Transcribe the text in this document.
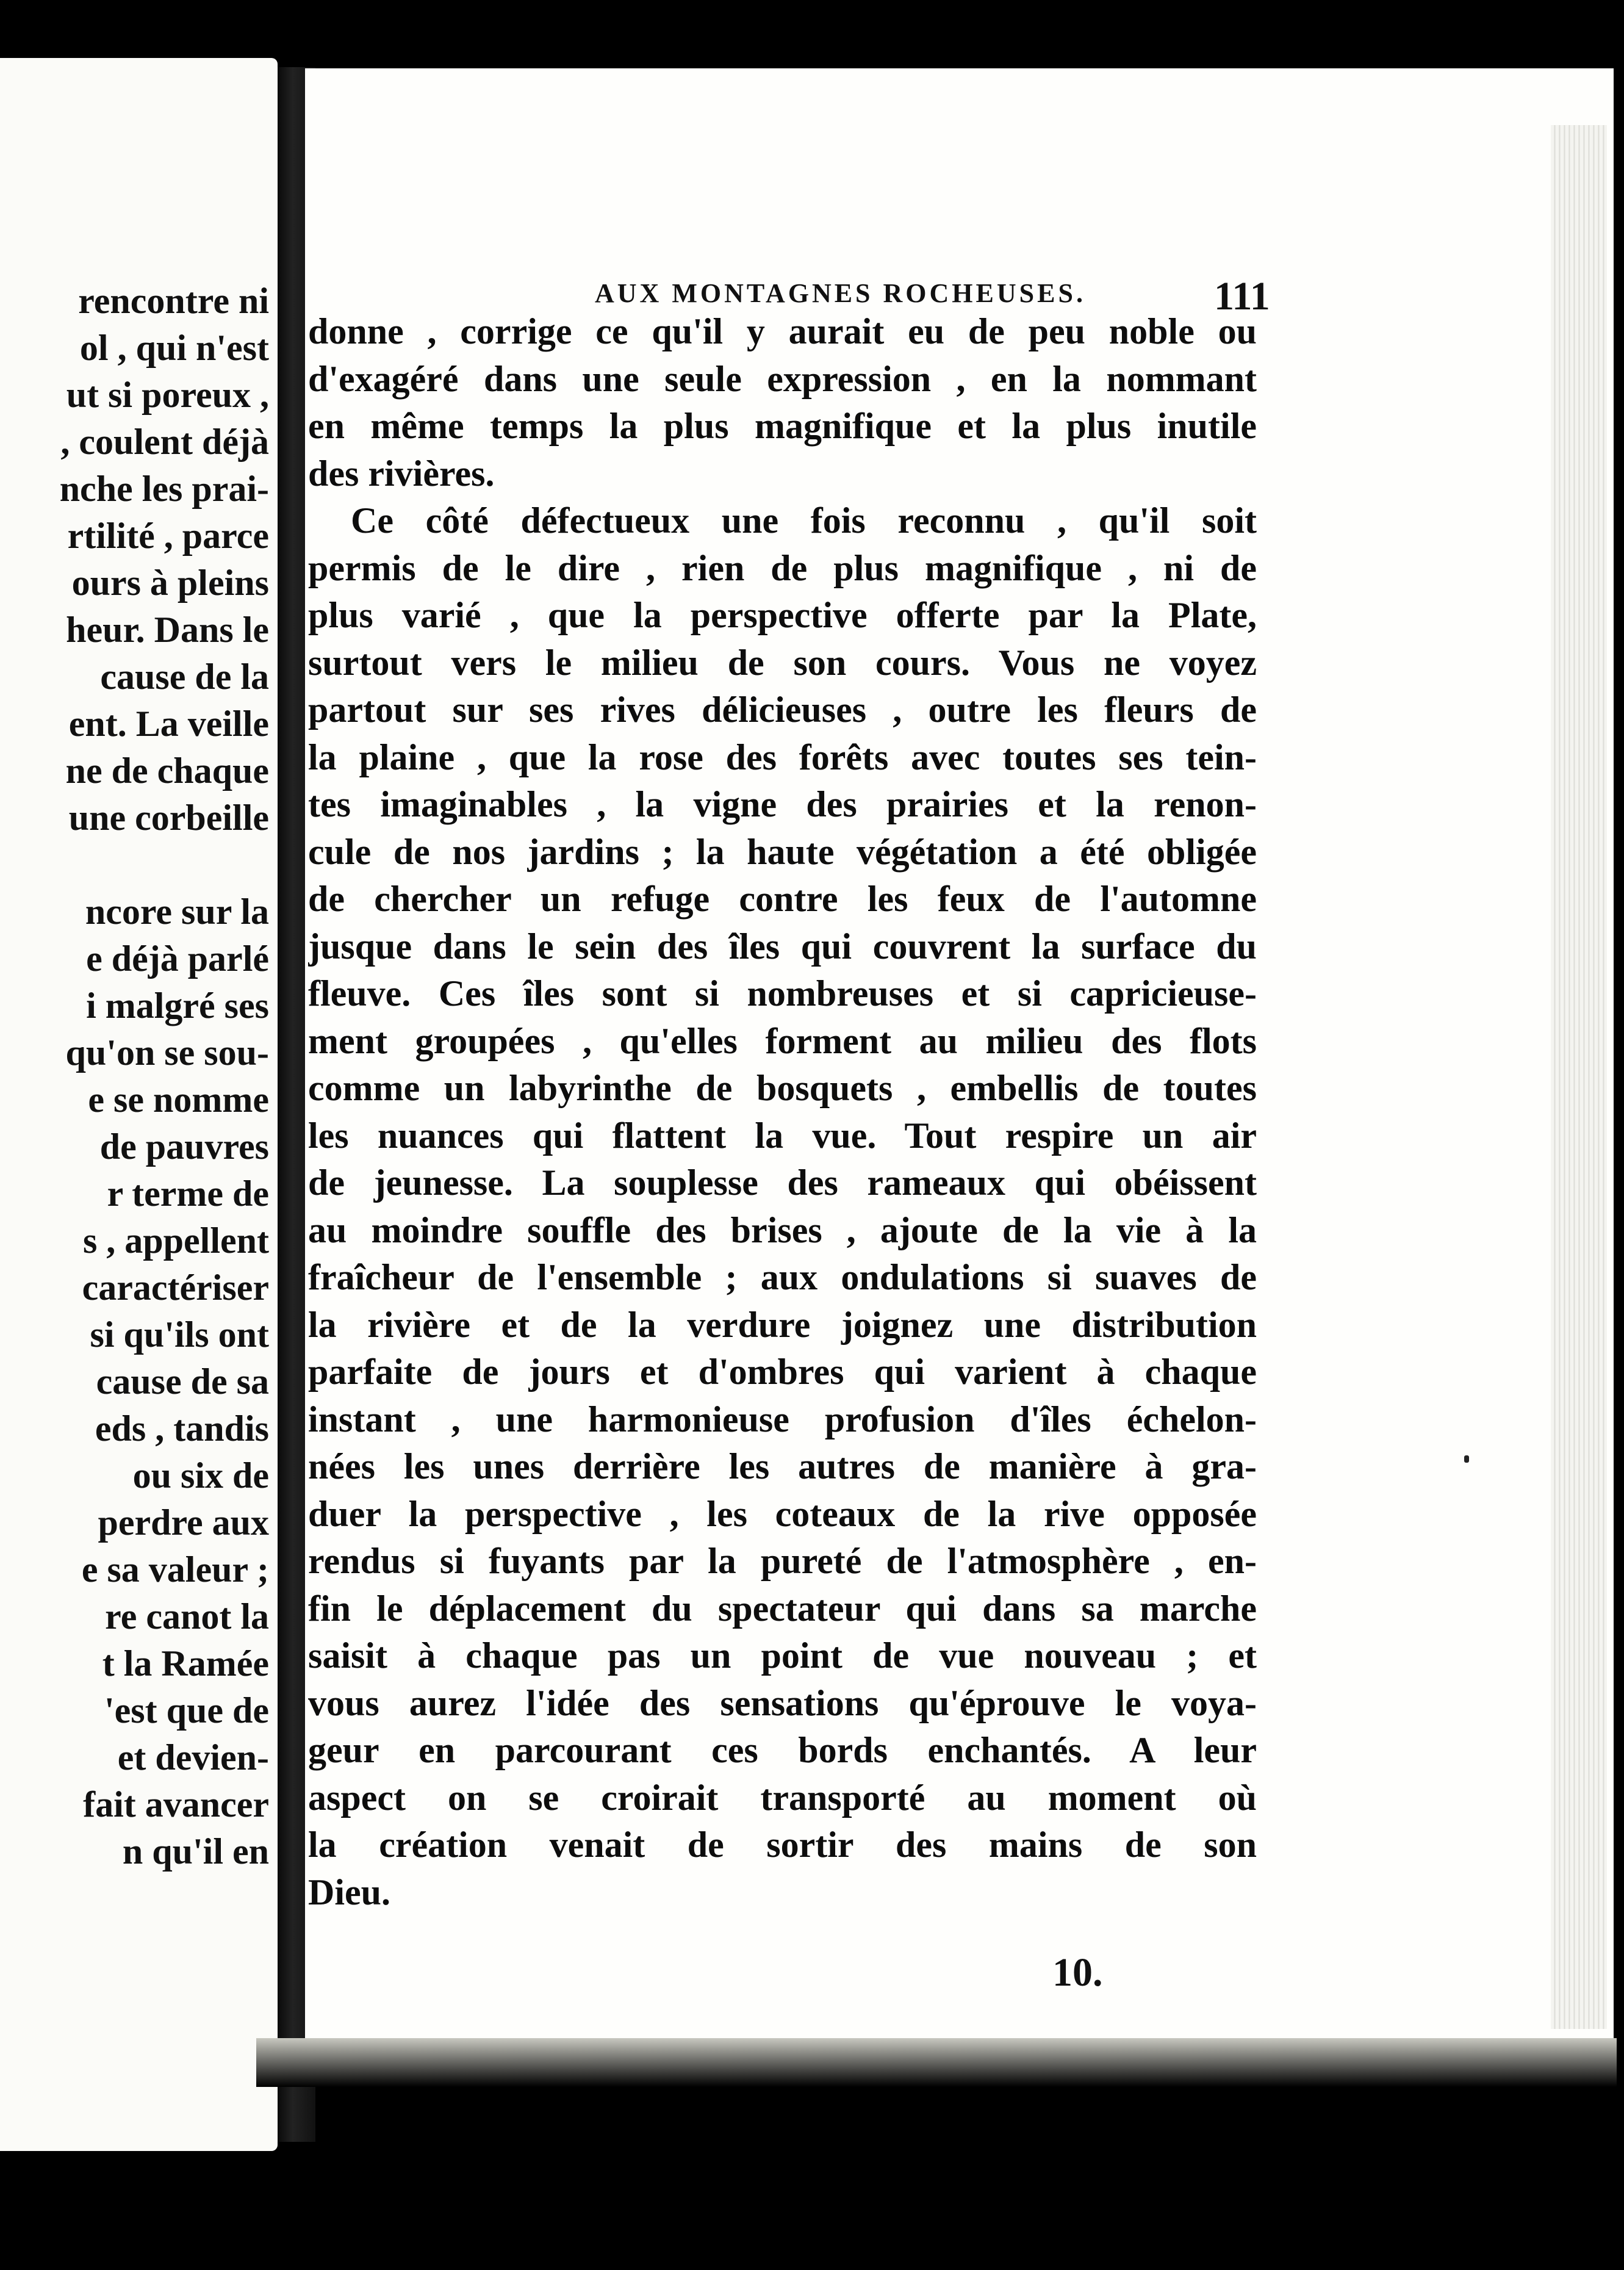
rencontre ni
ol , qui n'est
ut si poreux ,
, coulent déjà
nche les prai-
rtilité , parce
ours à pleins
heur. Dans le
cause de la
ent. La veille
ne de chaque
une corbeille
ncore sur la
e déjà parlé
i malgré ses
qu'on se sou-
e se nomme
de pauvres
r terme de
s , appellent
caractériser
si qu'ils ont
cause de sa
eds , tandis
ou six de
perdre aux
e sa valeur ;
re canot la
t la Ramée
'est que de
et devien-
fait avancer
n qu'il en
AUX MONTAGNES ROCHEUSES.	111
donne , corrige ce qu'il y aurait eu de peu noble ou
d'exagéré dans une seule expression , en la nommant
en même temps la plus magnifique et la plus inutile
des rivières.
Ce côté défectueux une fois reconnu , qu'il soit
permis de le dire , rien de plus magnifique , ni de
plus varié , que la perspective offerte par la Plate,
surtout vers le milieu de son cours. Vous ne voyez
partout sur ses rives délicieuses , outre les fleurs de
la plaine , que la rose des forêts avec toutes ses tein-
tes imaginables , la vigne des prairies et la renon-
cule de nos jardins ; la haute végétation a été obligée
de chercher un refuge contre les feux de l'automne
jusque dans le sein des îles qui couvrent la surface du
fleuve. Ces îles sont si nombreuses et si capricieuse-
ment groupées , qu'elles forment au milieu des flots
comme un labyrinthe de bosquets , embellis de toutes
les nuances qui flattent la vue. Tout respire un air
de jeunesse. La souplesse des rameaux qui obéissent
au moindre souffle des brises , ajoute de la vie à la
fraîcheur de l'ensemble ; aux ondulations si suaves de
la rivière et de la verdure joignez une distribution
parfaite de jours et d'ombres qui varient à chaque
instant , une harmonieuse profusion d'îles échelon-
nées les unes derrière les autres de manière à gra-
duer la perspective , les coteaux de la rive opposée
rendus si fuyants par la pureté de l'atmosphère , en-
fin le déplacement du spectateur qui dans sa marche
saisit à chaque pas un point de vue nouveau ; et
vous aurez l'idée des sensations qu'éprouve le voya-
geur en parcourant ces bords enchantés. A leur
aspect on se croirait transporté au moment où
la création venait de sortir des mains de son
Dieu.
10.
